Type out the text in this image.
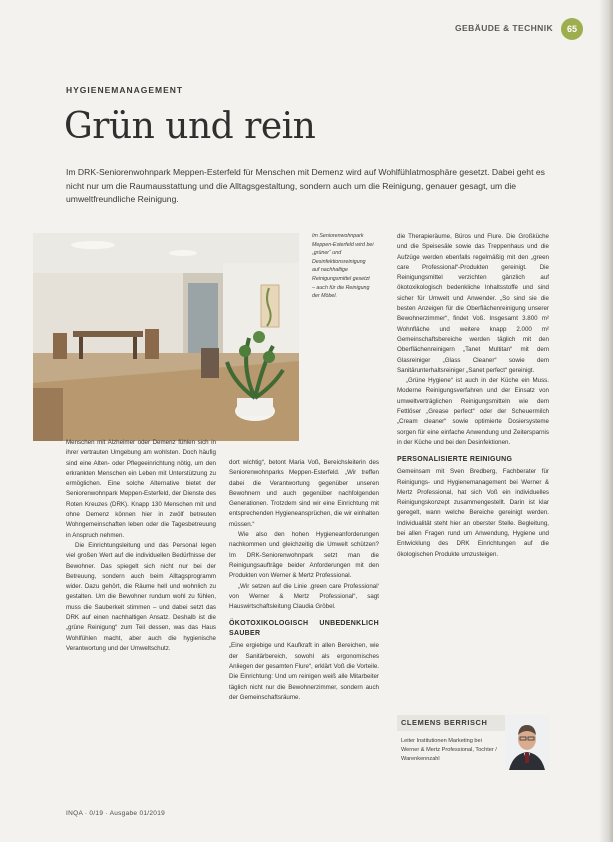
GEBÄUDE & TECHNIK	65
HYGIENEMANAGEMENT
Grün und rein

Im DRK-Seniorenwohnpark Meppen-Esterfeld für Menschen mit Demenz wird auf Wohlfühlatmosphäre gesetzt. Dabei geht es nicht nur um die Raumausstattung und die Alltagsgestaltung, sondern auch um die Reinigung, genauer gesagt, um die umweltfreundliche Reinigung.

Im Seniorenwohnpark Meppen-Esterfeld wird bei „grüner“ und Desinfektionsreinigung auf nachhaltige Reinigungsmittel gesetzt – auch für die Reinigung der Möbel.

Menschen mit Alzheimer oder Demenz fühlen sich in ihrer vertrauten Umgebung am wohlsten. Doch häufig sind eine Alten- oder Pflegeeinrichtung nötig, um den erkrankten Menschen ein Leben mit Unterstützung zu ermöglichen. Eine solche Alternative bietet der Seniorenwohnpark Meppen-Esterfeld, der Dienste des Roten Kreuzes (DRK). Knapp 130 Menschen mit und ohne Demenz können hier in zwölf betreuten Wohngemeinschaften leben oder die Tagesbetreuung in Anspruch nehmen.

Die Einrichtungsleitung und das Personal legen viel großen Wert auf die individuellen Bedürfnisse der Bewohner. Das spiegelt sich nicht nur bei der Betreuung, sondern auch beim Alltagsprogramm wider. Dazu gehört, die Räume hell und wohnlich zu gestalten. Um die Bewohner rundum wohl zu fühlen, muss die Sauberkeit stimmen – und dabei setzt das DRK auf einen nachhaltigen Ansatz. Deshalb ist die „grüne Reinigung“ zum Teil dessen, was das Haus Wohlfühlen macht, aber auch die hygienische Verantwortung und der Umweltschutz.

dort wichtig“, betont Maria Voß, Bereichsleiterin des Seniorenwohnparks Meppen-Esterfeld. „Wir treffen dabei die Verantwortung gegenüber unseren Bewohnern und auch gegenüber nachfolgenden Generationen. Trotzdem sind wir eine Einrichtung mit entsprechenden Hygieneansprüchen, die wir einhalten müssen.“

Wie also den hohen Hygieneanforderungen nachkommen und gleichzeitig die Umwelt schützen? Im DRK-Seniorenwohnpark setzt man die Reinigungsaufträge beider Anforderungen mit den Produkten von Werner & Mertz Professional.

„Wir setzen auf die Linie ‚green care Professional‘ von Werner & Mertz Professional“, sagt Hauswirtschaftsleitung Claudia Gröbel.

ÖKOTOXIKOLOGISCH UNBEDENKLICH SAUBER

„Eine ergiebige und Kaufkraft in allen Bereichen, wie der Sanitärbereich, sowohl als ergonomisches Anliegen der gesamten Flure“, erklärt Voß die Vorteile. Die Einrichtung: Und um reinigen weiß alle Mitarbeiter täglich nicht nur die Bewohnerzimmer, sondern auch der Gemeinschaftsräume.

die Therapieräume, Büros und Flure. Die Großküche und die Speisesäle sowie das Treppenhaus und die Aufzüge werden ebenfalls regelmäßig mit den „green care Professional“-Produkten gereinigt. Die Reinigungsmittel verzichten gänzlich auf ökotoxikologisch bedenkliche Inhaltsstoffe und sind sicher für Umwelt und Anwender. „So sind sie die besten Anzeigen für die Oberflächenreinigung unserer Bewohnerzimmer“, findet Voß. Insgesamt 3.800 m² Wohnfläche und weitere knapp 2.000 m² Gemeinschaftsbereiche werden täglich mit den Oberflächenreinigern „Tanet Multitan“ mit dem Glasreiniger „Glass Cleaner“ sowie dem Sanitärunterhaltsreiniger „Sanet perfect“ gereinigt.

„Grüne Hygiene“ ist auch in der Küche ein Muss. Moderne Reinigungsverfahren und der Einsatz von umweltverträglichen Reinigungsmitteln wie dem Fettlöser „Grease perfect“ oder der Scheuermilch „Cream cleaner“ sowie optimierte Dosiersysteme sorgen für eine einfache Anwendung und Zeitersparnis in der Küche und bei den Desinfektionen.

PERSONALISIERTE REINIGUNG

Gemeinsam mit Sven Bredberg, Fachberater für Reinigungs- und Hygienemanagement bei Werner & Mertz Professional, hat sich Voß ein individuelles Reinigungskonzept zusammengestellt. Darin ist klar geregelt, wann welche Bereiche gereinigt werden. Individualität steht hier an oberster Stelle. Begleitung, bei allen Fragen rund um Anwendung, Hygiene und Entwicklung des DRK Einrichtungen auf die ökologischen Produkte umzusteigen.

CLEMENS BERRISCH

Leiter Institutionen Marketing bei Werner & Mertz Professional, Tochter / Warenkennzahl

INQA · 0/19 · Ausgabe 01/2019
